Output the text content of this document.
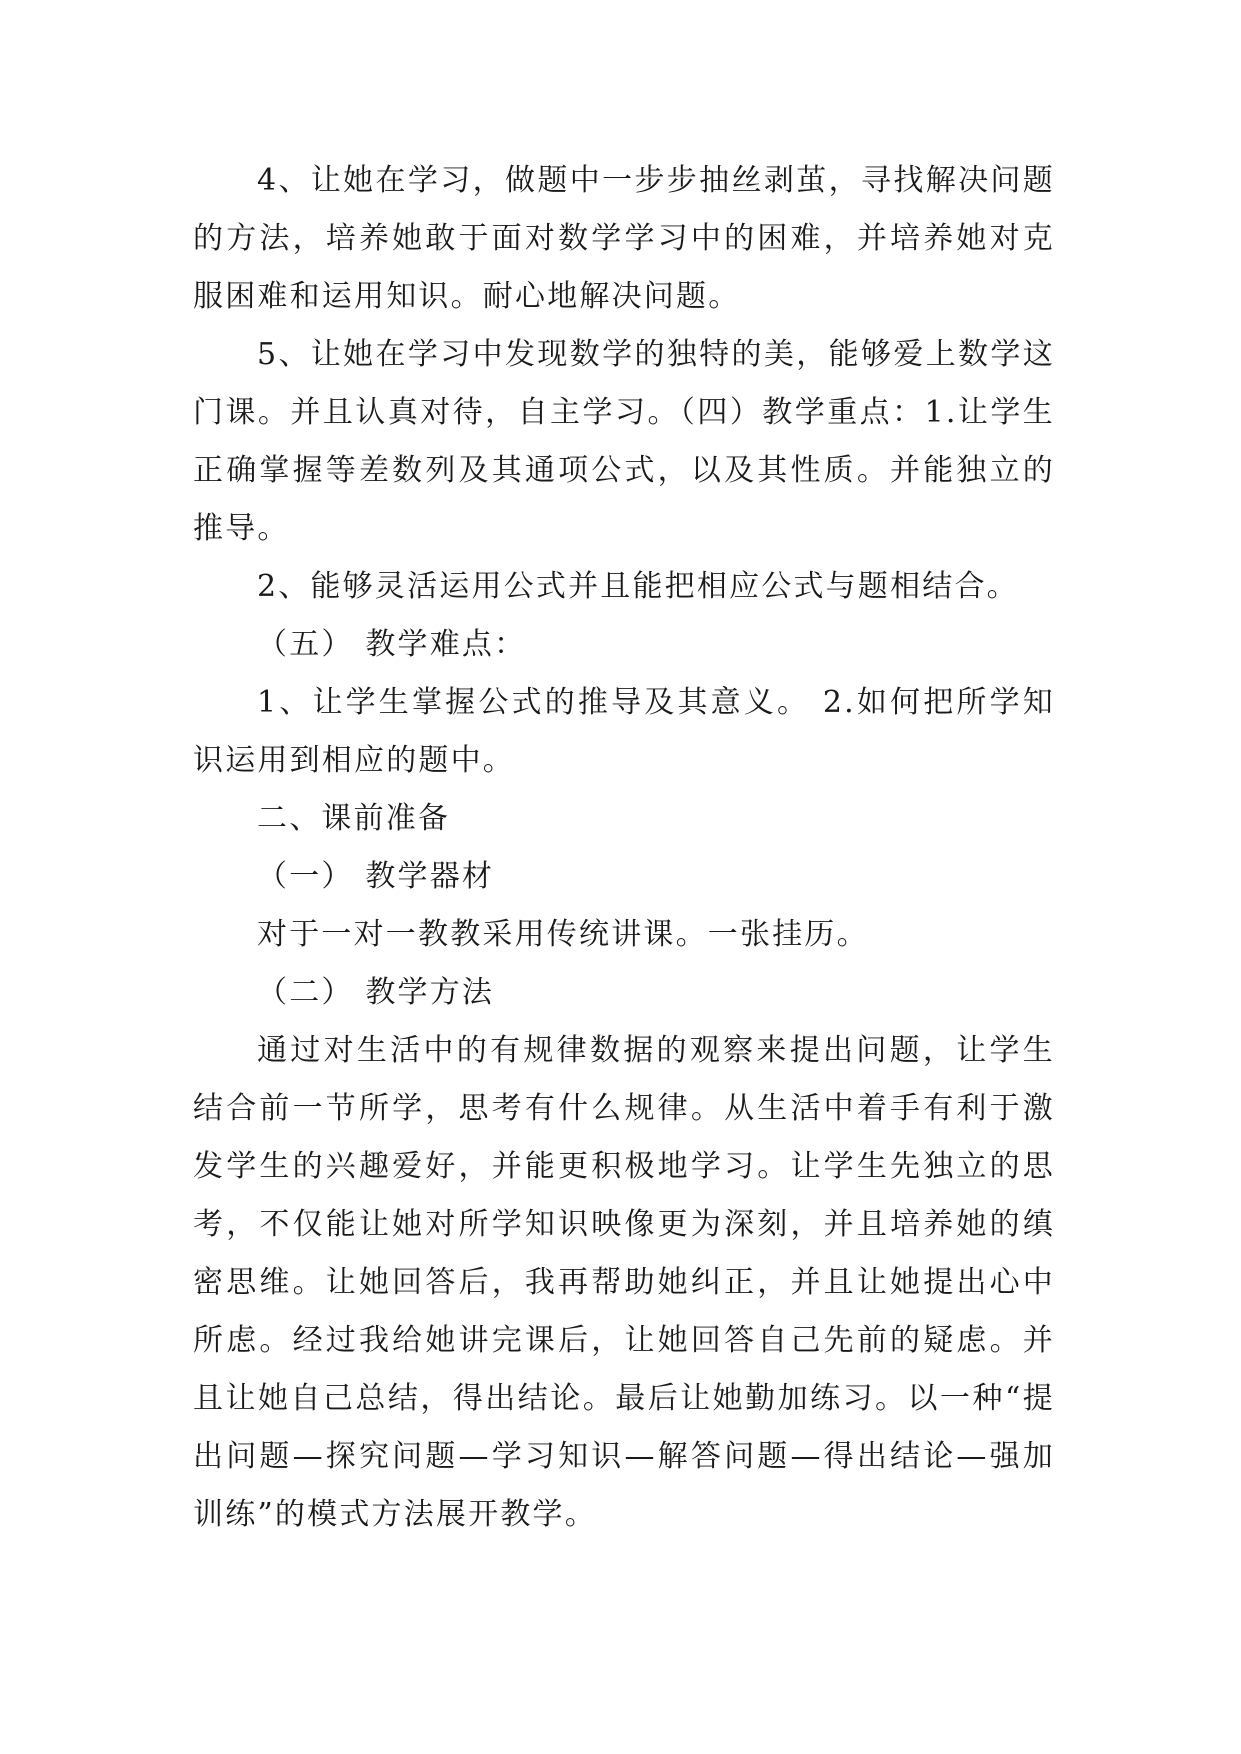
4、让她在学习，做题中一步步抽丝剥茧，寻找解决问题的方法，培养她敢于面对数学学习中的困难，并培养她对克服困难和运用知识。耐心地解决问题。

5、让她在学习中发现数学的独特的美，能够爱上数学这门课。并且认真对待，自主学习。（四）教学重点：1.让学生正确掌握等差数列及其通项公式，以及其性质。并能独立的推导。

2、能够灵活运用公式并且能把相应公式与题相结合。

（五） 教学难点：

1、让学生掌握公式的推导及其意义。 2.如何把所学知识运用到相应的题中。

二、课前准备

（一） 教学器材

对于一对一教教采用传统讲课。一张挂历。

（二） 教学方法

通过对生活中的有规律数据的观察来提出问题，让学生结合前一节所学，思考有什么规律。从生活中着手有利于激发学生的兴趣爱好，并能更积极地学习。让学生先独立的思考，不仅能让她对所学知识映像更为深刻，并且培养她的缜密思维。让她回答后，我再帮助她纠正，并且让她提出心中所虑。经过我给她讲完课后，让她回答自己先前的疑虑。并且让她自己总结，得出结论。最后让她勤加练习。以一种“提出问题—探究问题—学习知识—解答问题—得出结论—强加训练”的模式方法展开教学。
